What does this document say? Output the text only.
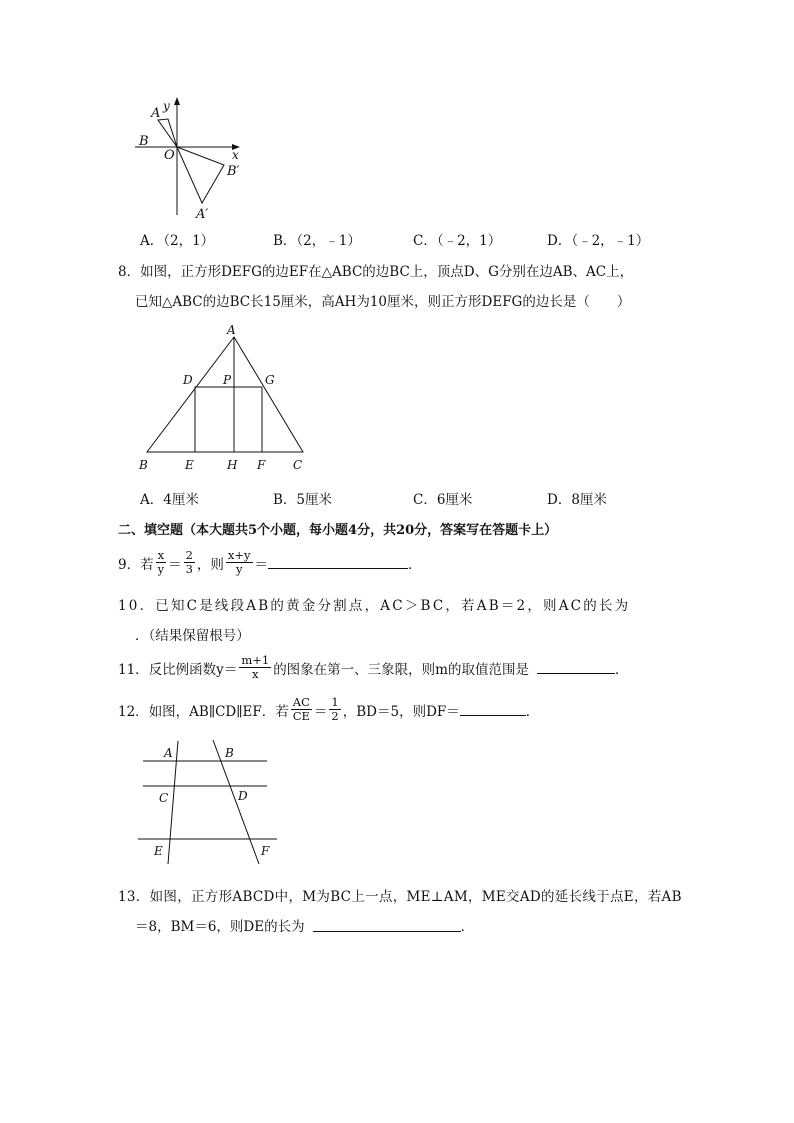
A y
B
O	x
B′
A′
A．（2，1）	B．（2，﹣1）	C．（﹣2，1）	D．（﹣2，﹣1）
8．如图，正方形DEFG的边EF在△ABC的边BC上，顶点D、G分别在边AB、AC上，
已知△ABC的边BC长15厘米，高AH为10厘米，则正方形DEFG的边长是（　　）
A
D	P	G
B	E	H F C
A．4厘米	B．5厘米	C．6厘米	D．8厘米
二、填空题（本大题共5个小题，每小题4分，共20分，答案写在答题卡上）
9． 若 $\frac{x}{y} = \frac{2}{3}$ ，则 $\frac{x+y}{y}$ ＝	．
10．已知C是线段AB的黄金分割点，AC＞BC，若AB＝2，则AC的长为
．（结果保留根号）
11． 反比例函数$y= \frac{m+1}{x}$ 的图象在第一、三象限，则m的取值范围是	．
12． 如图，AB∥CD∥EF．若 $\frac{AC}{CE} = \frac{1}{2}$ ，BD＝5，则DF＝	．
A	B
C	D
E	F
13．如图，正方形ABCD中，M为BC上一点，ME⊥AM，ME交AD的延长线于点E，若AB
＝8，BM＝6，则DE的长为	．
